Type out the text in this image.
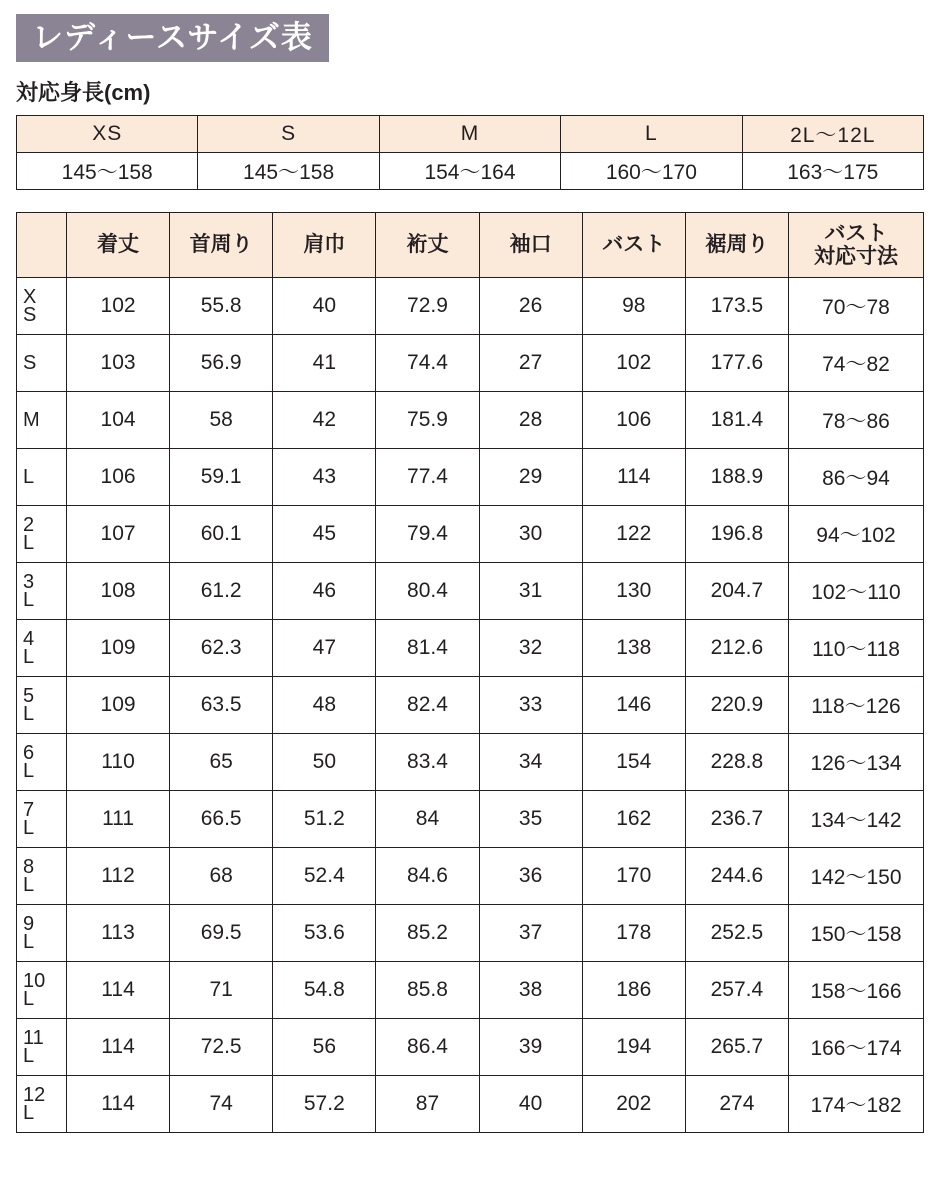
レディースサイズ表
対応身長(cm)
XS	S	M	L	2L〜12L
145〜158	145〜158	154〜164	160〜170	163〜175
	着丈	首周り	肩巾	裄丈	袖口	バスト	裾周り	バスト
対応寸法

X
S	102	55.8	40	72.9	26	98	173.5	70〜78

S	103	56.9	41	74.4	27	102	177.6	74〜82

M	104	58	42	75.9	28	106	181.4	78〜86

L	106	59.1	43	77.4	29	114	188.9	86〜94

2
L	107	60.1	45	79.4	30	122	196.8	94〜102

3
L	108	61.2	46	80.4	31	130	204.7	102〜110

4
L	109	62.3	47	81.4	32	138	212.6	110〜118

5
L	109	63.5	48	82.4	33	146	220.9	118〜126

6
L	110	65	50	83.4	34	154	228.8	126〜134

7
L	111	66.5	51.2	84	35	162	236.7	134〜142

8
L	112	68	52.4	84.6	36	170	244.6	142〜150

9
L	113	69.5	53.6	85.2	37	178	252.5	150〜158

10
L	114	71	54.8	85.8	38	186	257.4	158〜166

11
L	114	72.5	56	86.4	39	194	265.7	166〜174

12
L	114	74	57.2	87	40	202	274	174〜182
